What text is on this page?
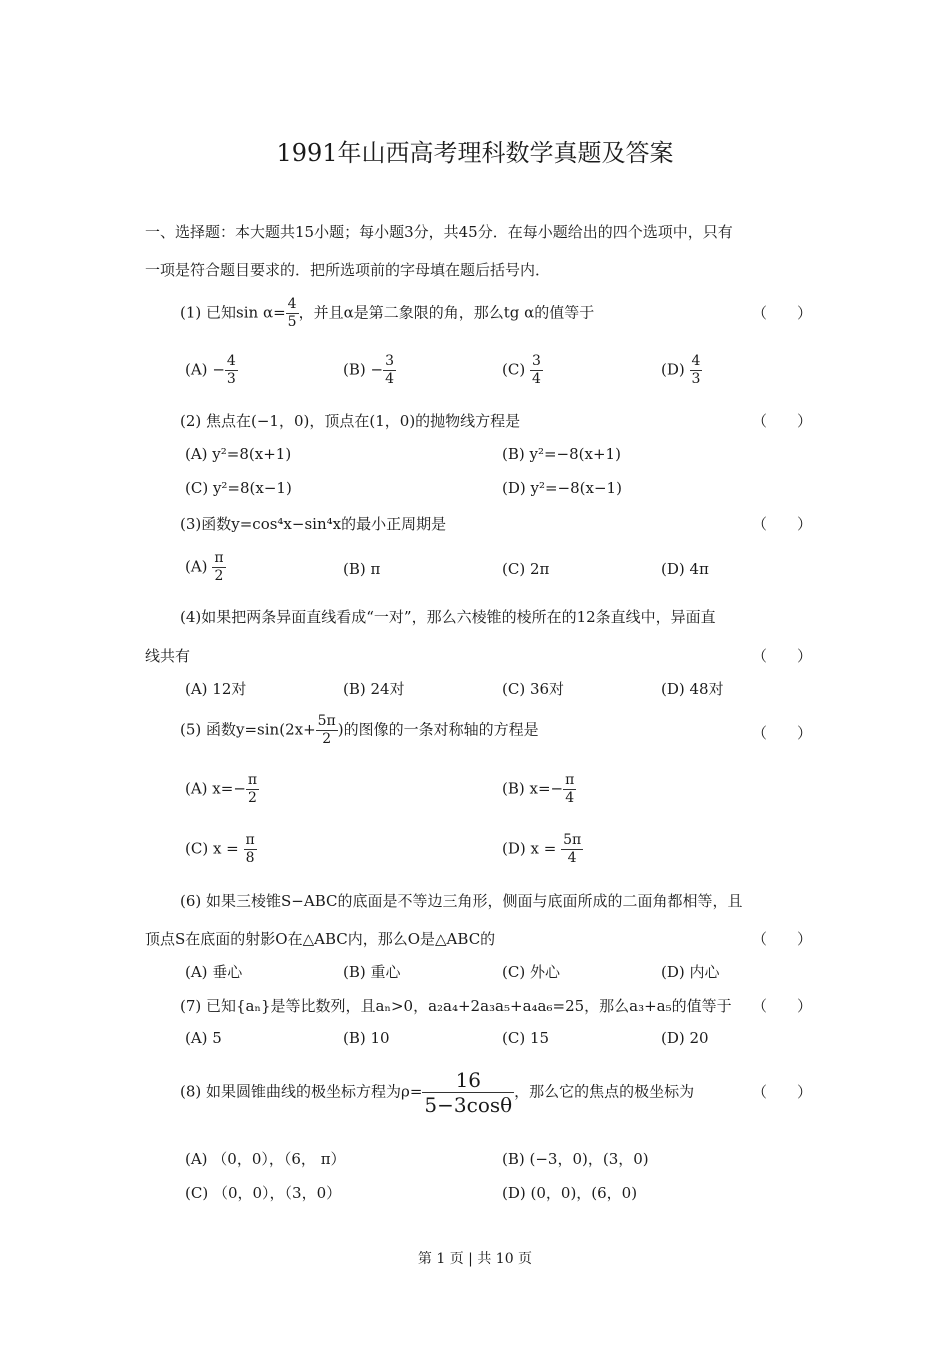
1991年山西高考理科数学真题及答案
一、选择题：本大题共15小题；每小题3分，共45分．在每小题给出的四个选项中，只有
一项是符合题目要求的．把所选项前的字母填在题后括号内．
(1) 已知$\sin \alpha= \frac{4}{5}$ ，并且α是第二象限的角，那么tg α的值等于	（　　）
$(A) - \frac{4}{3}$	$(B) - \frac{3}{4}$	$(C) \frac{3}{4}$	$(D) \frac{4}{3}$
(2) 焦点在(−1，0)，顶点在(1，0)的抛物线方程是	（　　）
(A) y²=8(x+1)	(B) y²=−8(x+1)
(C) y²=8(x−1)	(D) y²=−8(x−1)
(3)函数y=cos⁴x−sin⁴x的最小正周期是	（　　）
$(A) \frac{\pi}{2}$	(B) π	(C) 2π	(D) 4π
(4)如果把两条异面直线看成“一对”，那么六棱锥的棱所在的12条直线中，异面直
线共有	（　　）
(A) 12对	(B) 24对	(C) 36对	(D) 48对
(5) 函数$y=\sin(2x+ \frac{5\pi}{2}$ )的图像的一条对称轴的方程是	（　　）
(A) $x=- \frac{\pi}{2}$	(B) $x=- \frac{\pi}{4}$
(C) $x = \frac{\pi}{8}$	(D) $x = \frac{5\pi}{4}$
(6) 如果三棱锥S−ABC的底面是不等边三角形，侧面与底面所成的二面角都相等，且
顶点S在底面的射影O在△ABC内，那么O是△ABC的	（　　）
(A) 垂心	(B) 重心	(C) 外心	(D) 内心
(7) 已知{aₙ}是等比数列，且aₙ>0，a₂a₄+2a₃a₅+a₄a₆=25，那么a₃+a₅的值等于 （　　）
(A) 5	(B) 10	(C) 15	(D) 20
(8) 如果圆锥曲线的极坐标方程为$\rho= \frac{16}{5-3\cos\theta}$ ，那么它的焦点的极坐标为	（　　）
(A) （0，0），（6， π）	(B) (−3，0)，(3，0)
(C) （0，0），（3，0）	(D) (0，0)，(6，0)
第 1 页 | 共 10 页
